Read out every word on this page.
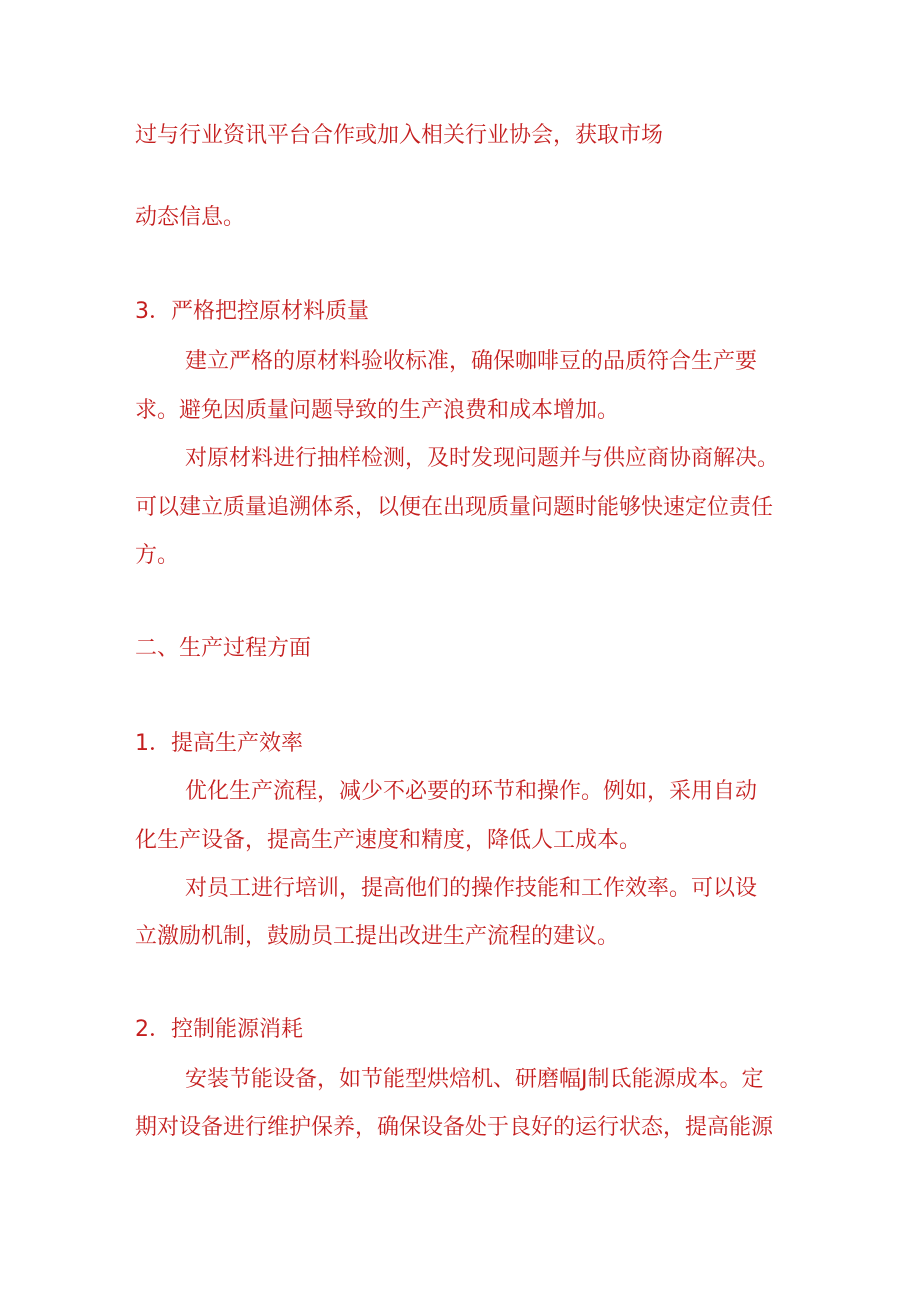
过与行业资讯平台合作或加入相关行业协会，获取市场
动态信息。
3．严格把控原材料质量
建立严格的原材料验收标准，确保咖啡豆的品质符合生产要
求。避免因质量问题导致的生产浪费和成本增加。
对原材料进行抽样检测，及时发现问题并与供应商协商解决。
可以建立质量追溯体系，以便在出现质量问题时能够快速定位责任
方。
二、生产过程方面
1．提高生产效率
优化生产流程，减少不必要的环节和操作。例如，采用自动
化生产设备，提高生产速度和精度，降低人工成本。
对员工进行培训，提高他们的操作技能和工作效率。可以设
立激励机制，鼓励员工提出改进生产流程的建议。
2．控制能源消耗
安装节能设备，如节能型烘焙机、研磨幅J制氐能源成本。定
期对设备进行维护保养，确保设备处于良好的运行状态，提高能源
